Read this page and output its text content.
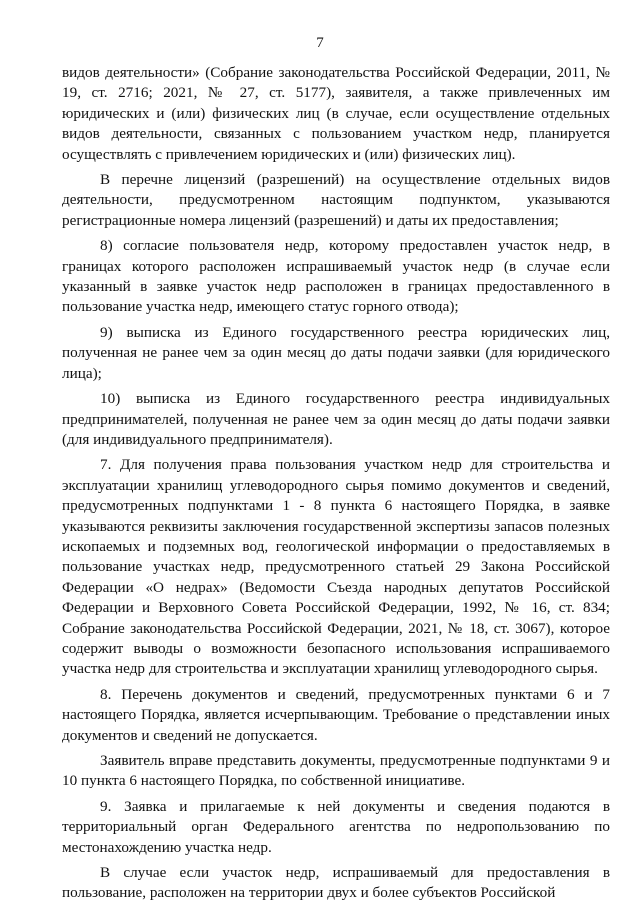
7

видов деятельности» (Собрание законодательства Российской Федерации, 2011, № 19, ст. 2716; 2021, № 27, ст. 5177), заявителя, а также привлеченных им юридических и (или) физических лиц (в случае, если осуществление отдельных видов деятельности, связанных с пользованием участком недр, планируется осуществлять с привлечением юридических и (или) физических лиц).

В перечне лицензий (разрешений) на осуществление отдельных видов деятельности, предусмотренном настоящим подпунктом, указываются регистрационные номера лицензий (разрешений) и даты их предоставления;

8) согласие пользователя недр, которому предоставлен участок недр, в границах которого расположен испрашиваемый участок недр (в случае если указанный в заявке участок недр расположен в границах предоставленного в пользование участка недр, имеющего статус горного отвода);

9) выписка из Единого государственного реестра юридических лиц, полученная не ранее чем за один месяц до даты подачи заявки (для юридического лица);

10) выписка из Единого государственного реестра индивидуальных предпринимателей, полученная не ранее чем за один месяц до даты подачи заявки (для индивидуального предпринимателя).

7. Для получения права пользования участком недр для строительства и эксплуатации хранилищ углеводородного сырья помимо документов и сведений, предусмотренных подпунктами 1 - 8 пункта 6 настоящего Порядка, в заявке указываются реквизиты заключения государственной экспертизы запасов полезных ископаемых и подземных вод, геологической информации о предоставляемых в пользование участках недр, предусмотренного статьей 29 Закона Российской Федерации «О недрах» (Ведомости Съезда народных депутатов Российской Федерации и Верховного Совета Российской Федерации, 1992, № 16, ст. 834; Собрание законодательства Российской Федерации, 2021, № 18, ст. 3067), которое содержит выводы о возможности безопасного использования испрашиваемого участка недр для строительства и эксплуатации хранилищ углеводородного сырья.

8. Перечень документов и сведений, предусмотренных пунктами 6 и 7 настоящего Порядка, является исчерпывающим. Требование о представлении иных документов и сведений не допускается.

Заявитель вправе представить документы, предусмотренные подпунктами 9 и 10 пункта 6 настоящего Порядка, по собственной инициативе.

9. Заявка и прилагаемые к ней документы и сведения подаются в территориальный орган Федерального агентства по недропользованию по местонахождению участка недр.

В случае если участок недр, испрашиваемый для предоставления в пользование, расположен на территории двух и более субъектов Российской
